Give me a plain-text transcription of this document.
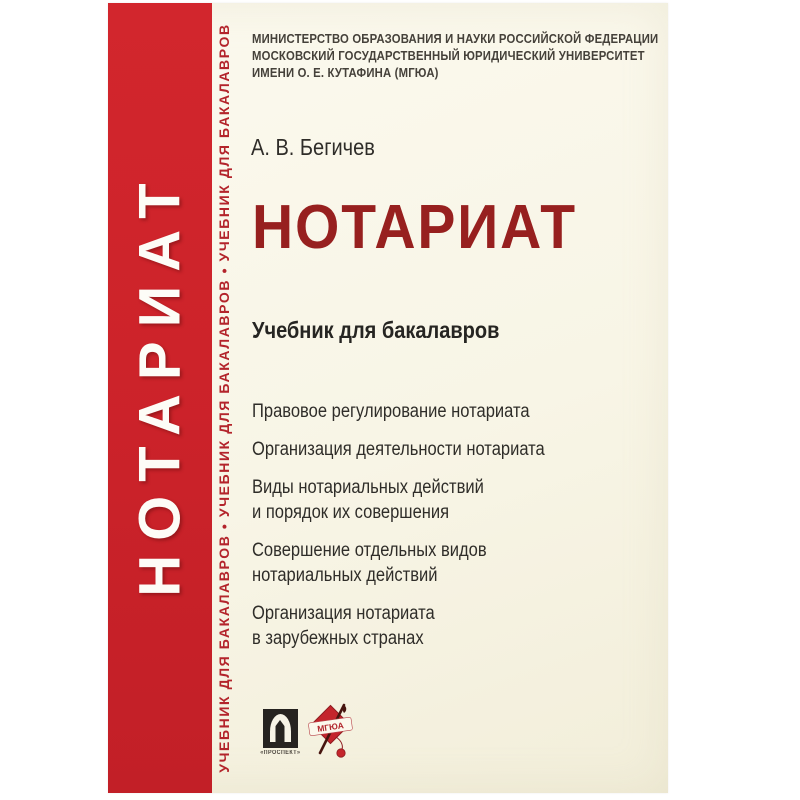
НОТАРИАТ УЧЕБНИК ДЛЯ БАКАЛАВРОВ • УЧЕБНИК ДЛЯ БАКАЛАВРОВ • УЧЕБНИК ДЛЯ БАКАЛАВРОВ МИНИСТЕРСТВО ОБРАЗОВАНИЯ И НАУКИ РОССИЙСКОЙ ФЕДЕРАЦИИ
МОСКОВСКИЙ ГОСУДАРСТВЕННЫЙ ЮРИДИЧЕСКИЙ УНИВЕРСИТЕТ
ИМЕНИ О. Е. КУТАФИНА (МГЮА)
А. В. Бегичев
НОТАРИАТ
Учебник для бакалавров
Правовое регулирование нотариата
Организация деятельности нотариата
Виды нотариальных действий
и порядок их совершения
Совершение отдельных видов
нотариальных действий
Организация нотариата
в зарубежных странах
«ПРОСПЕКТ»
МГЮА
